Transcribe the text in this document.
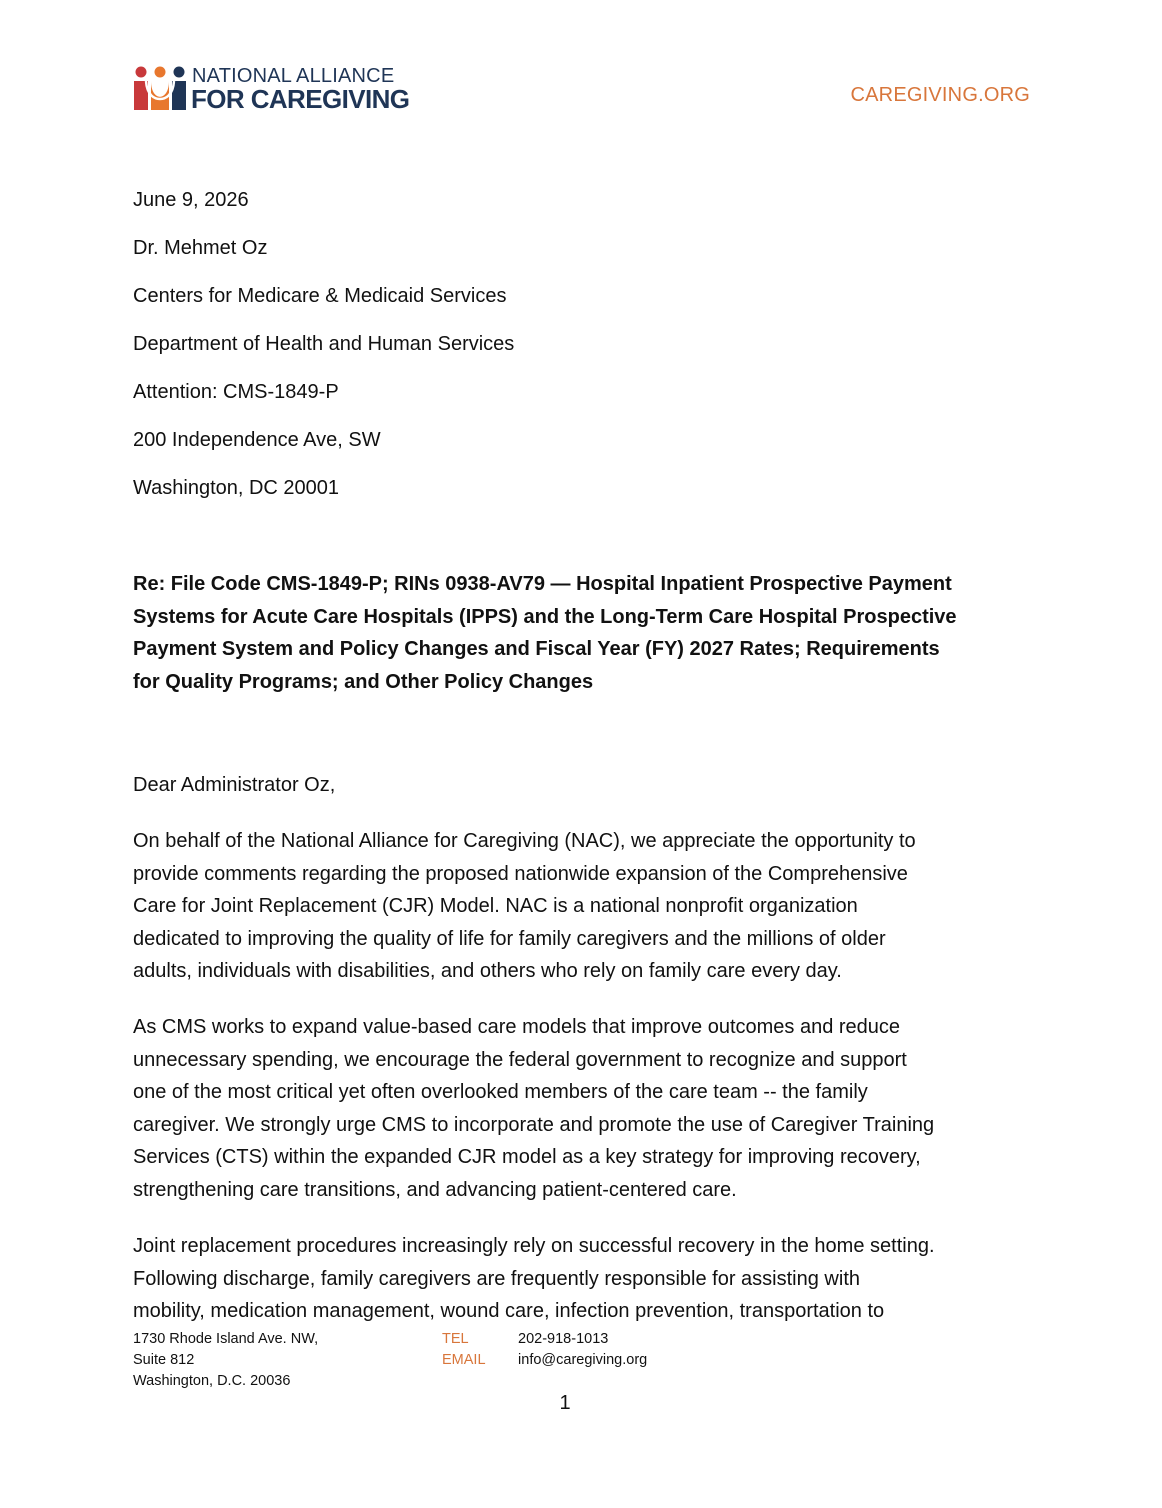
NATIONAL ALLIANCE
FOR CAREGIVING	CAREGIVING.ORG
June 9, 2026
Dr. Mehmet Oz
Centers for Medicare & Medicaid Services
Department of Health and Human Services
Attention: CMS-1849-P
200 Independence Ave, SW
Washington, DC 20001
Re: File Code CMS-1849-P; RINs 0938-AV79 — Hospital Inpatient Prospective Payment
Systems for Acute Care Hospitals (IPPS) and the Long-Term Care Hospital Prospective
Payment System and Policy Changes and Fiscal Year (FY) 2027 Rates; Requirements
for Quality Programs; and Other Policy Changes
Dear Administrator Oz,
On behalf of the National Alliance for Caregiving (NAC), we appreciate the opportunity to
provide comments regarding the proposed nationwide expansion of the Comprehensive
Care for Joint Replacement (CJR) Model. NAC is a national nonprofit organization
dedicated to improving the quality of life for family caregivers and the millions of older
adults, individuals with disabilities, and others who rely on family care every day.
As CMS works to expand value-based care models that improve outcomes and reduce
unnecessary spending, we encourage the federal government to recognize and support
one of the most critical yet often overlooked members of the care team -- the family
caregiver. We strongly urge CMS to incorporate and promote the use of Caregiver Training
Services (CTS) within the expanded CJR model as a key strategy for improving recovery,
strengthening care transitions, and advancing patient-centered care.
Joint replacement procedures increasingly rely on successful recovery in the home setting.
Following discharge, family caregivers are frequently responsible for assisting with
mobility, medication management, wound care, infection prevention, transportation to
1730 Rhode Island Ave. NW,
Suite 812
Washington, D.C. 20036
TEL	202-918-1013
EMAIL info@caregiving.org
1
